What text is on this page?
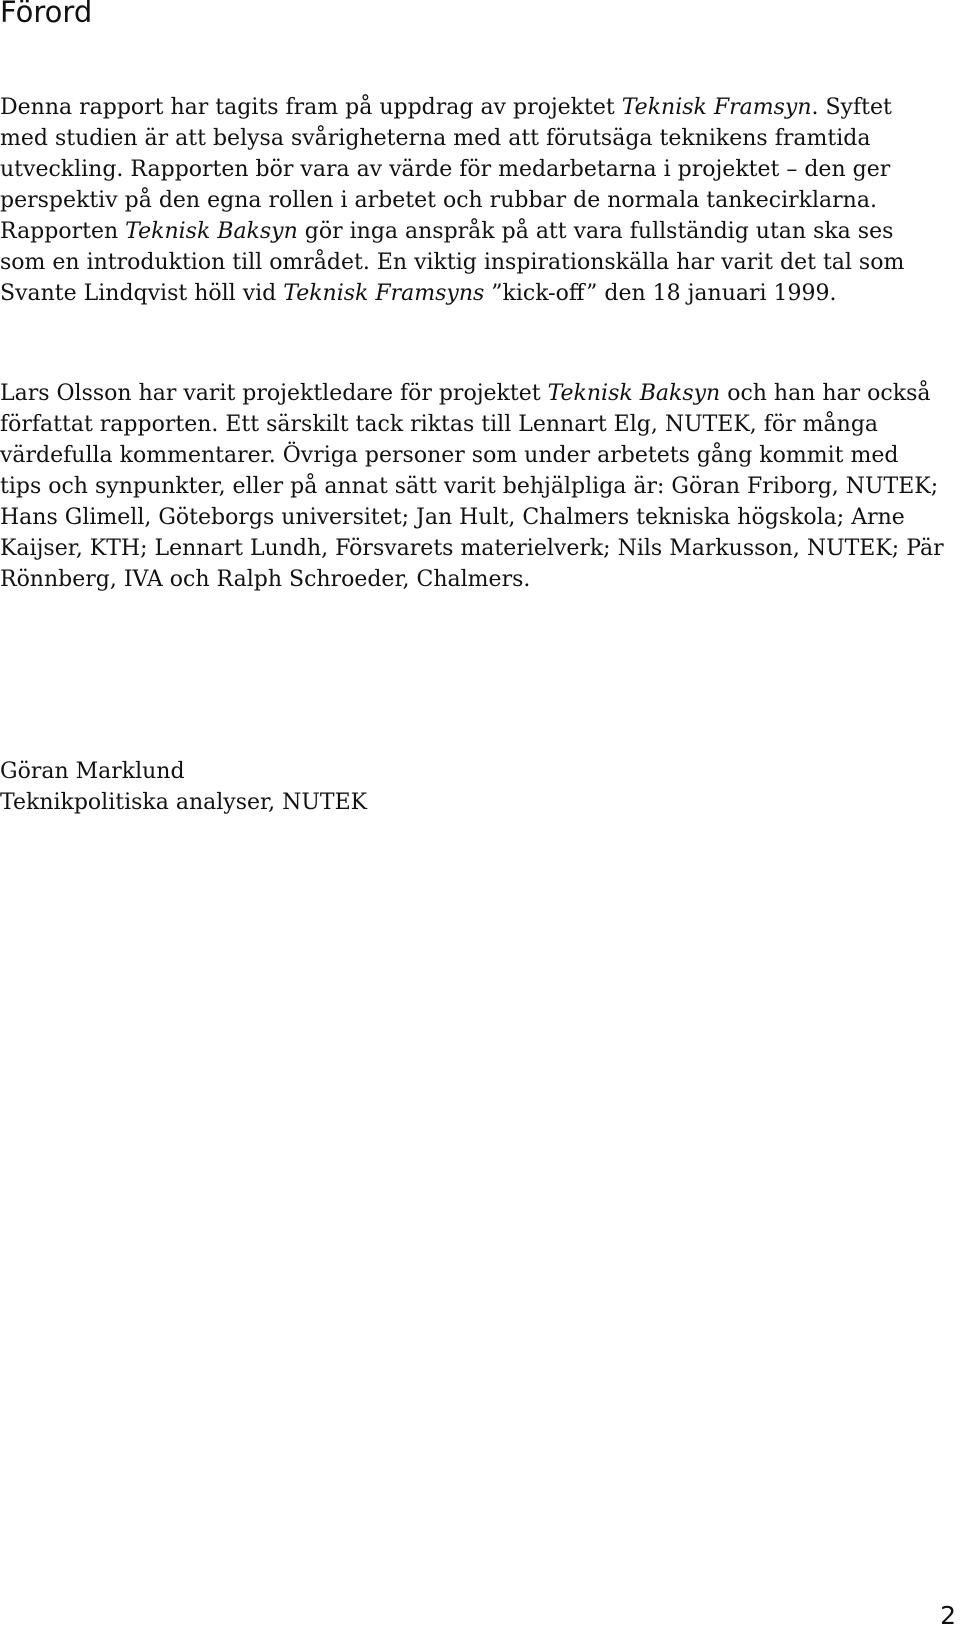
Förord

Denna rapport har tagits fram på uppdrag av projektet Teknisk Framsyn. Syftet med studien är att belysa svårigheterna med att förutsäga teknikens framtida utveckling. Rapporten bör vara av värde för medarbetarna i projektet – den ger perspektiv på den egna rollen i arbetet och rubbar de normala tankecirklarna. Rapporten Teknisk Baksyn gör inga anspråk på att vara fullständig utan ska ses som en introduktion till området. En viktig inspirationskälla har varit det tal som Svante Lindqvist höll vid Teknisk Framsyns ”kick-off” den 18 januari 1999.

Lars Olsson har varit projektledare för projektet Teknisk Baksyn och han har också författat rapporten. Ett särskilt tack riktas till Lennart Elg, NUTEK, för många värdefulla kommentarer. Övriga personer som under arbetets gång kommit med tips och synpunkter, eller på annat sätt varit behjälpliga är: Göran Friborg, NUTEK; Hans Glimell, Göteborgs universitet; Jan Hult, Chalmers tekniska högskola; Arne Kaijser, KTH; Lennart Lundh, Försvarets materielverk; Nils Markusson, NUTEK; Pär Rönnberg, IVA och Ralph Schroeder, Chalmers.

Göran Marklund
Teknikpolitiska analyser, NUTEK
2
